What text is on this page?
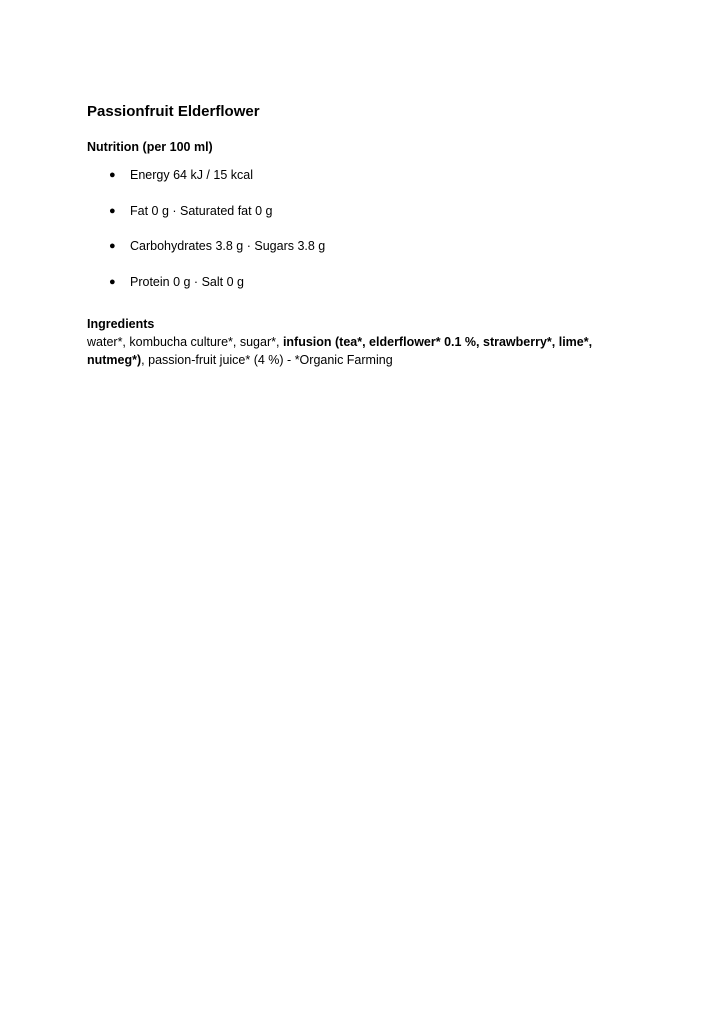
Passionfruit Elderflower
Nutrition (per 100 ml)
● Energy 64 kJ / 15 kcal
● Fat 0 g · Saturated fat 0 g
● Carbohydrates 3.8 g · Sugars 3.8 g
● Protein 0 g · Salt 0 g
Ingredients

water*, kombucha culture*, sugar*, infusion (tea*, elderflower* 0.1 %, strawberry*, lime*, nutmeg*), passion-fruit juice* (4 %) - *Organic Farming
